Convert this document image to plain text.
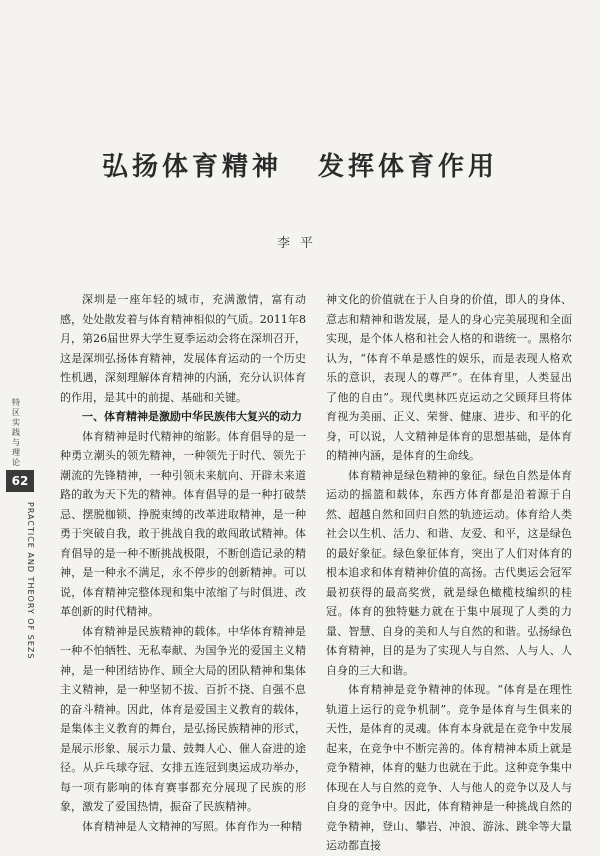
弘扬体育精神 发挥体育作用
李平
特区实践与理论
62
PRACTICE AND THEORY OF SEZS

深圳是一座年轻的城市，充满激情，富有动感，处处散发着与体育精神相似的气质。2011年8月，第26届世界大学生夏季运动会将在深圳召开，这是深圳弘扬体育精神，发展体育运动的一个历史性机遇，深刻理解体育精神的内涵，充分认识体育的作用，是其中的前提、基础和关键。

一、体育精神是激励中华民族伟大复兴的动力

体育精神是时代精神的缩影。体育倡导的是一种勇立潮头的领先精神，一种领先于时代、领先于潮流的先锋精神，一种引领未来航向、开辟未来道路的敢为天下先的精神。体育倡导的是一种打破禁忌、摆脱枷锁、挣脱束缚的改革进取精神，是一种勇于突破自我，敢于挑战自我的敢闯敢试精神。体育倡导的是一种不断挑战极限，不断创造记录的精神，是一种永不满足，永不停步的创新精神。可以说，体育精神完整体现和集中浓缩了与时俱进、改革创新的时代精神。

体育精神是民族精神的载体。中华体育精神是一种不怕牺牲、无私奉献、为国争光的爱国主义精神，是一种团结协作、顾全大局的团队精神和集体主义精神，是一种坚韧不拔、百折不挠、自强不息的奋斗精神。因此，体育是爱国主义教育的载体，是集体主义教育的舞台，是弘扬民族精神的形式，是展示形象、展示力量、鼓舞人心、催人奋进的途径。从乒乓球夺冠、女排五连冠到奥运成功举办，每一项有影响的体育赛事都充分展现了民族的形象，激发了爱国热情，振奋了民族精神。

体育精神是人文精神的写照。体育作为一种精

神文化的价值就在于人自身的价值，即人的身体、意志和精神和谐发展，是人的身心完美展现和全面实现，是个体人格和社会人格的和谐统一。黑格尔认为，“体育不单是感性的娱乐，而是表现人格欢乐的意识，表现人的尊严”。在体育里，人类显出了他的自由”。现代奥林匹克运动之父顾拜旦将体育视为美丽、正义、荣誉、健康、进步、和平的化身，可以说，人文精神是体育的思想基础，是体育的精神内涵，是体育的生命线。

体育精神是绿色精神的象征。绿色自然是体育运动的摇篮和载体，东西方体育都是沿着源于自然、超越自然和回归自然的轨迹运动。体育给人类社会以生机、活力、和谐、友爱、和平，这是绿色的最好象征。绿色象征体育，突出了人们对体育的根本追求和体育精神价值的高扬。古代奥运会冠军最初获得的最高奖赏，就是绿色橄榄枝编织的桂冠。体育的独特魅力就在于集中展现了人类的力量、智慧、自身的美和人与自然的和谐。弘扬绿色体育精神，目的是为了实现人与自然、人与人、人自身的三大和谐。

体育精神是竞争精神的体现。“体育是在理性轨道上运行的竞争机制”。竞争是体育与生俱来的天性，是体育的灵魂。体育本身就是在竞争中发展起来，在竞争中不断完善的。体育精神本质上就是竞争精神，体育的魅力也就在于此。这种竞争集中体现在人与自然的竞争、人与他人的竞争以及人与自身的竞争中。因此，体育精神是一种挑战自然的竞争精神，登山、攀岩、冲浪、游泳、跳伞等大量运动都直接
